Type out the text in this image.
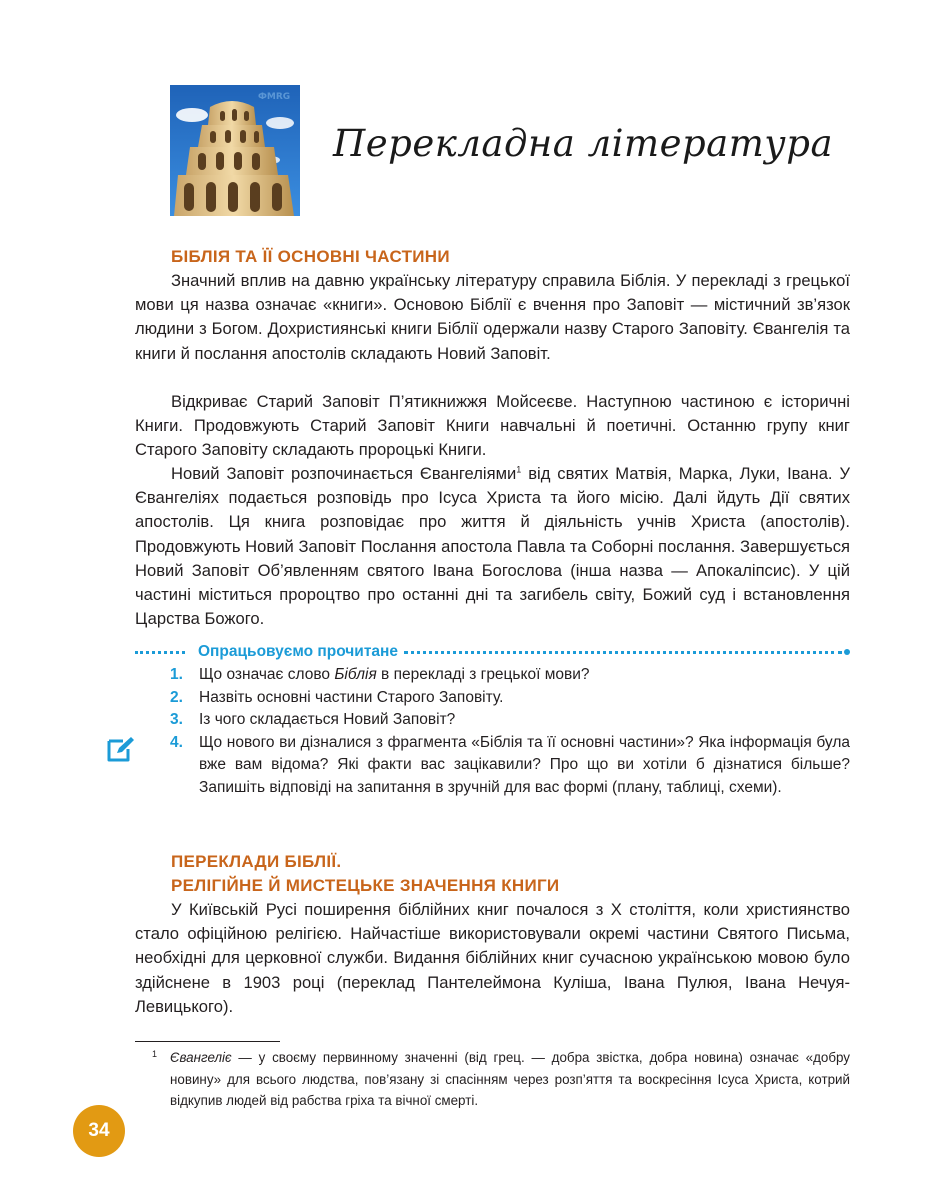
ФMRG
Перекладна література
БІБЛІЯ ТА ЇЇ ОСНОВНІ ЧАСТИНИ

Значний вплив на давню українську літературу справила Біблія. У перекладі з грецької мови ця назва означає «книги». Основою Біблії є вчення про Заповіт — містичний зв’язок людини з Богом. Дохристиянські книги Біблії одержали назву Старого Заповіту. Євангелія та книги й послання апостолів складають Новий Заповіт.

Відкриває Старий Заповіт П’ятикнижжя Мойсеєве. Наступною частиною є історичні Книги. Продовжують Старий Заповіт Книги навчальні й поетичні. Останню групу книг Старого Заповіту складають пророцькі Книги.

Новий Заповіт розпочинається Євангеліями$^1$ від святих Матвія, Марка, Луки, Івана. У Євангеліях подається розповідь про Ісуса Христа та його місію. Далі йдуть Дії святих апостолів. Ця книга розповідає про життя й діяльність учнів Христа (апостолів). Продовжують Новий Заповіт Послання апостола Павла та Соборні послання. Завершується Новий Заповіт Об’явленням святого Івана Богослова (інша назва — Апокаліпсис). У цій частині міститься пророцтво про останні дні та загибель світу, Божий суд і встановлення Царства Божого.

Опрацьовуємо прочитане
1. Що означає слово Біблія в перекладі з грецької мови?
2. Назвіть основні частини Старого Заповіту.
3. Із чого складається Новий Заповіт?
4. Що нового ви дізналися з фрагмента «Біблія та її основні частини»? Яка інформація була вже вам відома? Які факти вас зацікавили? Про що ви хотіли б дізнатися більше? Запишіть відповіді на запитання в зручній для вас формі (плану, таблиці, схеми).
ПЕРЕКЛАДИ БІБЛІЇ.
РЕЛІГІЙНЕ Й МИСТЕЦЬКЕ ЗНАЧЕННЯ КНИГИ

У Київській Русі поширення біблійних книг почалося з Х століття, коли християнство стало офіційною релігією. Найчастіше використовували окремі частини Святого Письма, необхідні для церковної служби. Видання біблійних книг сучасною українською мовою було здійснене в 1903 році (переклад Пантелеймона Куліша, Івана Пулюя, Івана Нечуя-Левицького).

1 Євангеліє — у своєму первинному значенні (від грец. — добра звістка, добра новина) означає «добру новину» для всього людства, пов’язану зі спасінням через розп’яття та воскресіння Ісуса Христа, котрий відкупив людей від рабства гріха та вічної смерті.

34
